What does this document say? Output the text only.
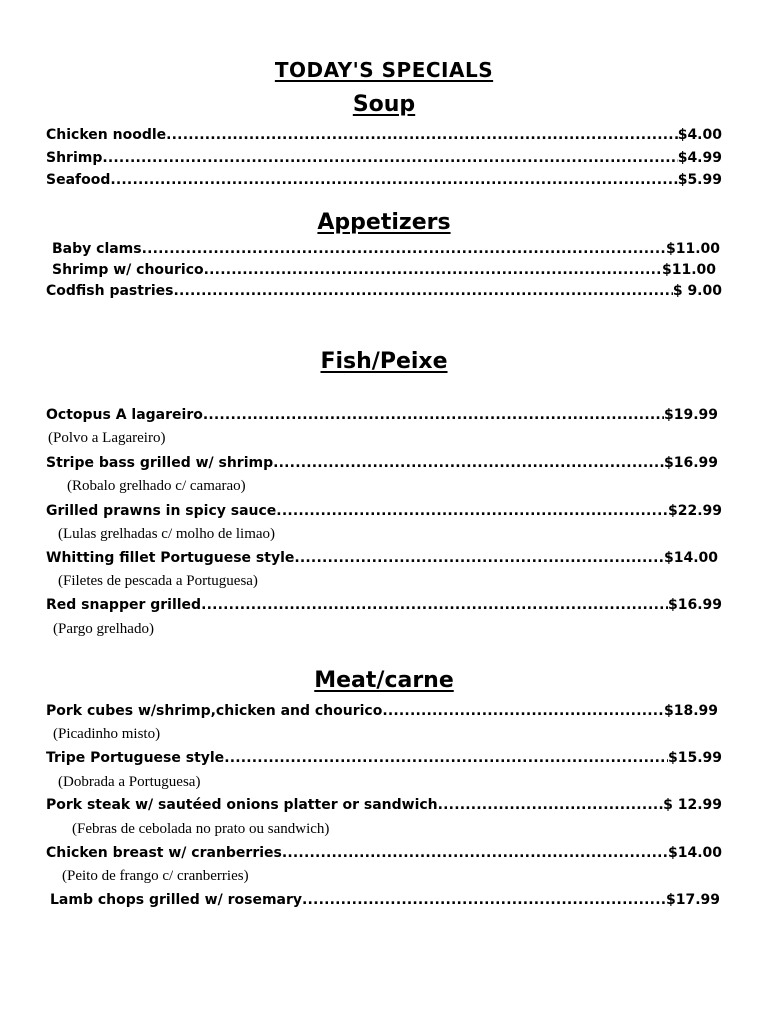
TODAY'S SPECIALS
Soup
Chicken noodle .....	$4.00
Shrimp .....	$4.99
Seafood .....	$5.99
Appetizers
Baby clams .....	$11.00
Shrimp w/ chourico .....	$11.00
Codfish pastries .....	$ 9.00
Fish/Peixe
Octopus A lagareiro .....	$19.99
(Polvo a Lagareiro)
Stripe bass grilled w/ shrimp .....	$16.99
(Robalo grelhado c/ camarao)
Grilled prawns in spicy sauce .....	$22.99
(Lulas grelhadas c/ molho de limao)
Whitting fillet Portuguese style .....	$14.00
(Filetes de pescada a Portuguesa)
Red snapper grilled .....	$16.99
(Pargo grelhado)
Meat/carne
Pork cubes w/shrimp,chicken and chourico .....	$18.99
(Picadinho misto)
Tripe Portuguese style .....	$15.99
(Dobrada a Portuguesa)
Pork steak w/ sautéed onions platter or sandwich .....	$ 12.99
(Febras de cebolada no prato ou sandwich)
Chicken breast w/ cranberries .....	$14.00
(Peito de frango c/ cranberries)
Lamb chops grilled w/ rosemary .....	$17.99
